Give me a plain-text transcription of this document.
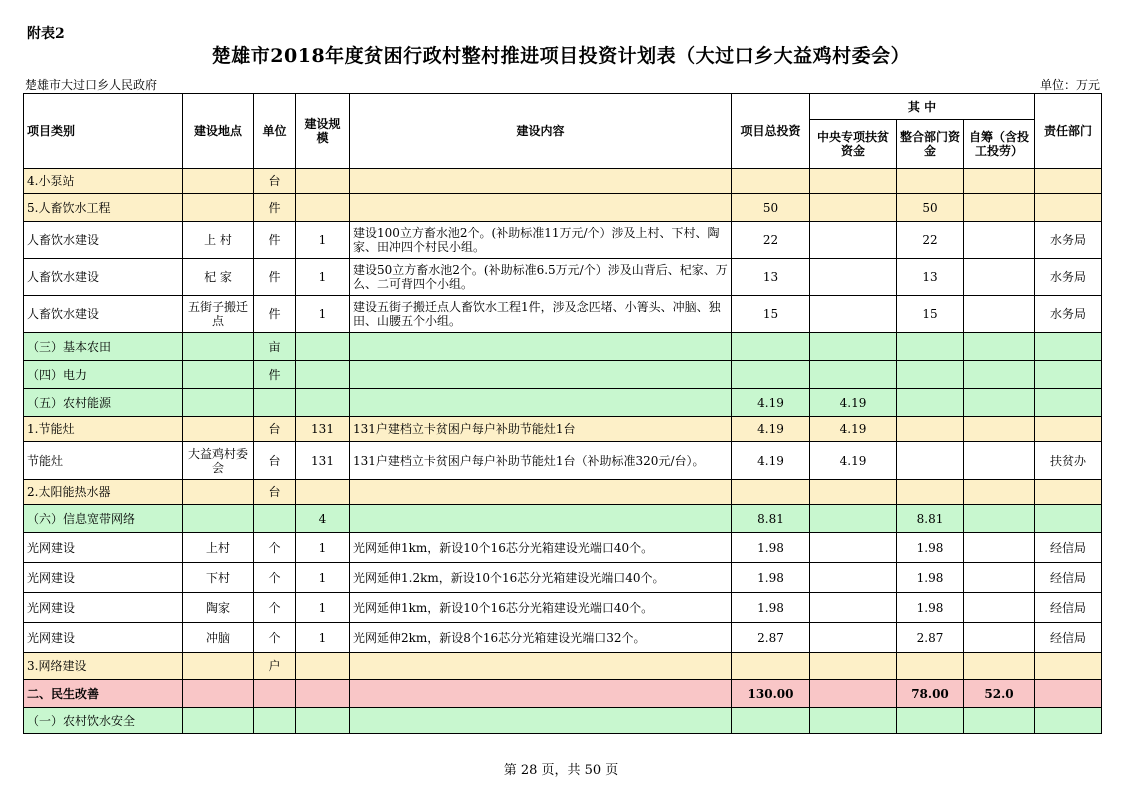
附表2
楚雄市2018年度贫困行政村整村推进项目投资计划表（大过口乡大益鸡村委会）
楚雄市大过口乡人民政府	单位：万元
项目类别	建设地点	单位	建设规模	建设内容	项目总投资	其 中			责任部门
						中央专项扶贫资金	整合部门资金	自筹（含投工投劳）	
4.小泵站		台							
5.人畜饮水工程		件			50		50		
人畜饮水建设	上 村	件	1	建设100立方畜水池2个。(补助标准11万元/个）涉及上村、下村、陶家、田冲四个村民小组。	22		22		水务局
人畜饮水建设	杞 家	件	1	建设50立方畜水池2个。(补助标准6.5万元/个）涉及山背后、杞家、万么、二可背四个小组。	13		13		水务局
人畜饮水建设	五街子搬迁点	件	1	建设五街子搬迁点人畜饮水工程1件，涉及念匹堵、小箐头、冲脑、独田、山腰五个小组。	15		15		水务局
（三）基本农田		亩							
（四）电力		件							
（五）农村能源					4.19	4.19			
1.节能灶		台	131	131户建档立卡贫困户每户补助节能灶1台	4.19	4.19			
节能灶	大益鸡村委会	台	131	131户建档立卡贫困户每户补助节能灶1台（补助标准320元/台）。	4.19	4.19			扶贫办
2.太阳能热水器		台							
（六）信息宽带网络			4		8.81		8.81		
光网建设	上村	个	1	光网延伸1km，新设10个16芯分光箱建设光端口40个。	1.98		1.98		经信局
光网建设	下村	个	1	光网延伸1.2km，新设10个16芯分光箱建设光端口40个。	1.98		1.98		经信局
光网建设	陶家	个	1	光网延伸1km，新设10个16芯分光箱建设光端口40个。	1.98		1.98		经信局
光网建设	冲脑	个	1	光网延伸2km，新设8个16芯分光箱建设光端口32个。	2.87		2.87		经信局
3.网络建设		户							
二、民生改善					130.00		78.00	52.0	
（一）农村饮水安全									
第 28 页，共 50 页
